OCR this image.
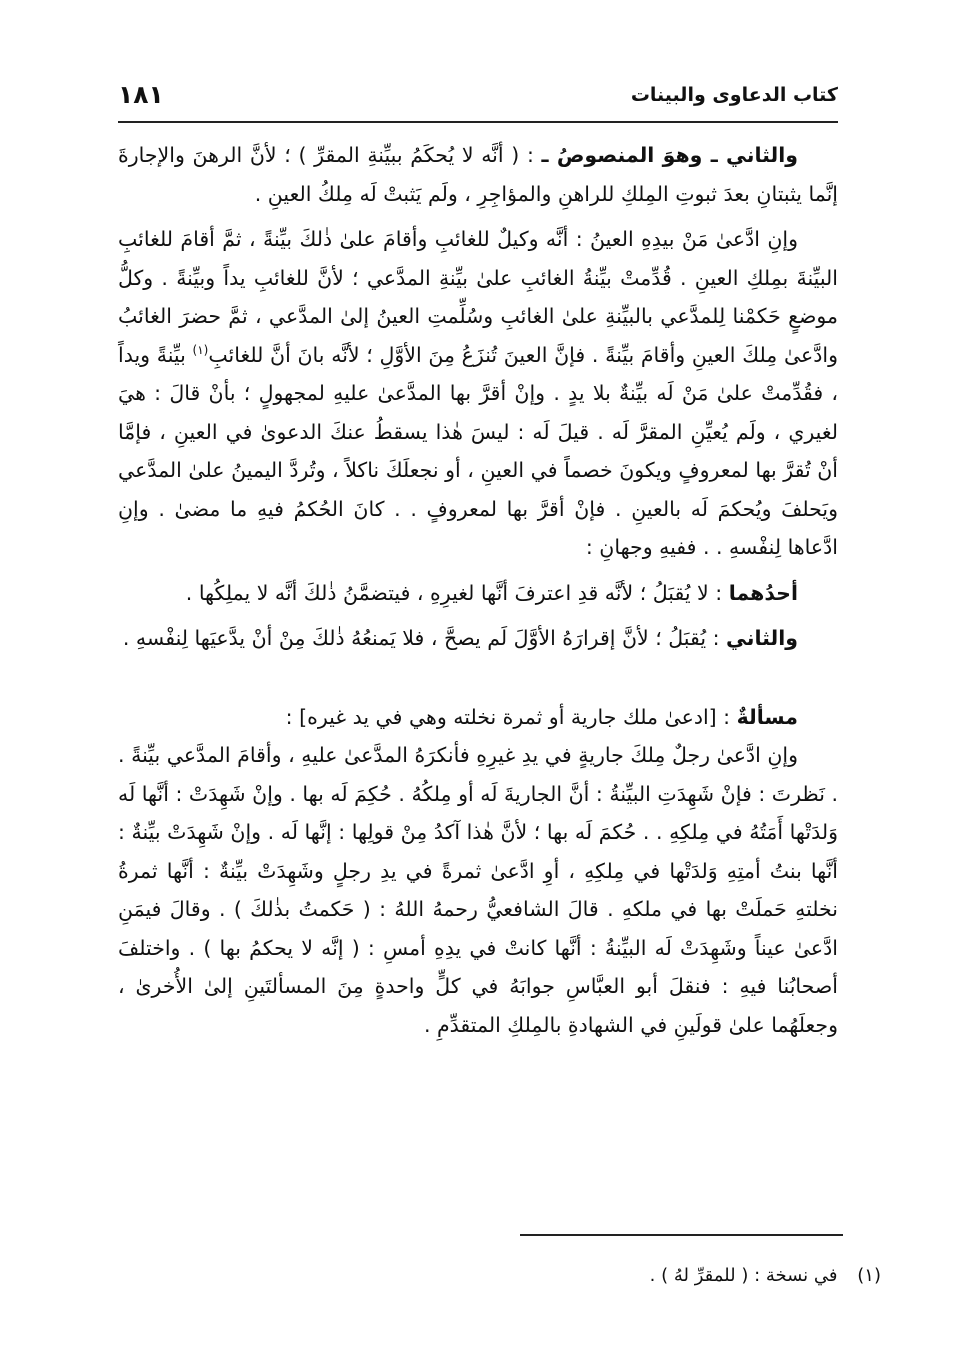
كتاب الدعاوى والبينات
١٨١

والثاني ـ وهوَ المنصوصُ ـ : ( أنَّه لا يُحكَمُ ببيِّنةِ المقرِّ ) ؛ لأنَّ الرهنَ والإجارةَ إنَّما يثبتانِ بعدَ ثبوتِ المِلكِ للراهنِ والمؤاجِرِ ، ولَم يَثبتْ لَه مِلكُ العينِ .

وإنِ ادَّعىٰ مَنْ بيدِهِ العينُ : أنَّه وكيلٌ للغائبِ وأقامَ علىٰ ذٰلكَ بيِّنةً ، ثمَّ أقامَ للغائبِ البيِّنةَ بمِلكِ العينِ . قُدِّمتْ بيِّنةُ الغائبِ علىٰ بيِّنةِ المدَّعي ؛ لأنَّ للغائبِ يداً وبيِّنةً . وكلُّ موضعٍ حَكمْنا لِلمدَّعي بالبيِّنةِ علىٰ الغائبِ وسُلِّمتِ العينُ إلىٰ المدَّعي ، ثمَّ حضرَ الغائبُ وادَّعىٰ مِلكَ العينِ وأقامَ بيِّنةً . فإنَّ العينَ تُنزَعُ مِنَ الأوَّلِ ؛ لأنَّه بانَ أنَّ للغائبِ$^{(١)}$ بيِّنةً ويداً ، فقُدِّمتْ علىٰ مَنْ لَه بيِّنةٌ بلا يدٍ . وإنْ أقرَّ بها المدَّعىٰ عليهِ لمجهولٍ ؛ بأنْ قالَ : هيَ لغيري ، ولَم يُعيِّنِ المقرَّ لَه . قيلَ لَه : ليسَ هٰذا يسقطُ عنكَ الدعوىٰ في العينِ ، فإمَّا أنْ تُقرَّ بها لمعروفٍ ويكونَ خصماً في العينِ ، أو نجعلَكَ ناكلاً ، وتُردَّ اليمينُ علىٰ المدَّعي ويَحلفَ ويُحكمَ لَه بالعينِ . فإنْ أقرَّ بها لمعروفٍ . . كانَ الحُكمُ فيهِ ما مضىٰ . وإنِ ادَّعاها لِنفْسهِ . . ففيهِ وجهانِ :

أحدُهما : لا يُقبَلُ ؛ لأنَّه قدِ اعترفَ أنَّها لغيرِهِ ، فيتضمَّنُ ذٰلكَ أنَّه لا يملِكُها .

والثاني : يُقبَلُ ؛ لأنَّ إقرارَهُ الأوَّلَ لَم يصحَّ ، فلا يَمنعُهُ ذٰلكَ مِنْ أنْ يدَّعيَها لِنفْسهِ .

مسألةٌ : [ادعىٰ ملك جارية أو ثمرة نخلته وهي في يد غيره] :

وإنِ ادَّعىٰ رجلٌ مِلكَ جاريةٍ في يدِ غيرِهِ فأنكرَهُ المدَّعىٰ عليهِ ، وأقامَ المدَّعي بيِّنةً . . نَظرتَ : فإنْ شَهِدَتِ البيِّنةُ : أنَّ الجاريةَ لَه أو مِلكُهُ . حُكِمَ لَه بها . وإنْ شَهِدَتْ : أنَّها لَه وَلدَتْها أَمَتُهُ في مِلكِهِ . . حُكمَ لَه بها ؛ لأنَّ هٰذا آكدُ مِنْ قولِها : إنَّها لَه . وإنْ شَهِدَتْ بيِّنةٌ : أنَّها بنتُ أمتِهِ وَلدَتْها في مِلكِهِ ، أوِ ادَّعىٰ ثمرةً في يدِ رجلٍ وشَهِدَتْ بيِّنةٌ : أنَّها ثمرةُ نخلتهِ حَملَتْ بها في ملكهِ . قالَ الشافعيُّ رحمهُ اللهُ : ( حَكمتُ بذٰلكَ ) . وقالَ فيمَنِ ادَّعىٰ عيناً وشَهِدَتْ لَه البيِّنةُ : أنَّها كانتْ في يدِهِ أمسِ : ( إنَّه لا يحكمُ بها ) . واختلفَ أصحابُنا فيهِ : فنقلَ أبو العبَّاسِ جوابَهُ في كلٍّ واحدةٍ مِنَ المسألتَينِ إلىٰ الأُخرىٰ ، وجعلَهُما علىٰ قولَينِ في الشهادةِ بالمِلكِ المتقدِّمِ .

(١) في نسخة : ( للمقرِّ لهُ ) .
